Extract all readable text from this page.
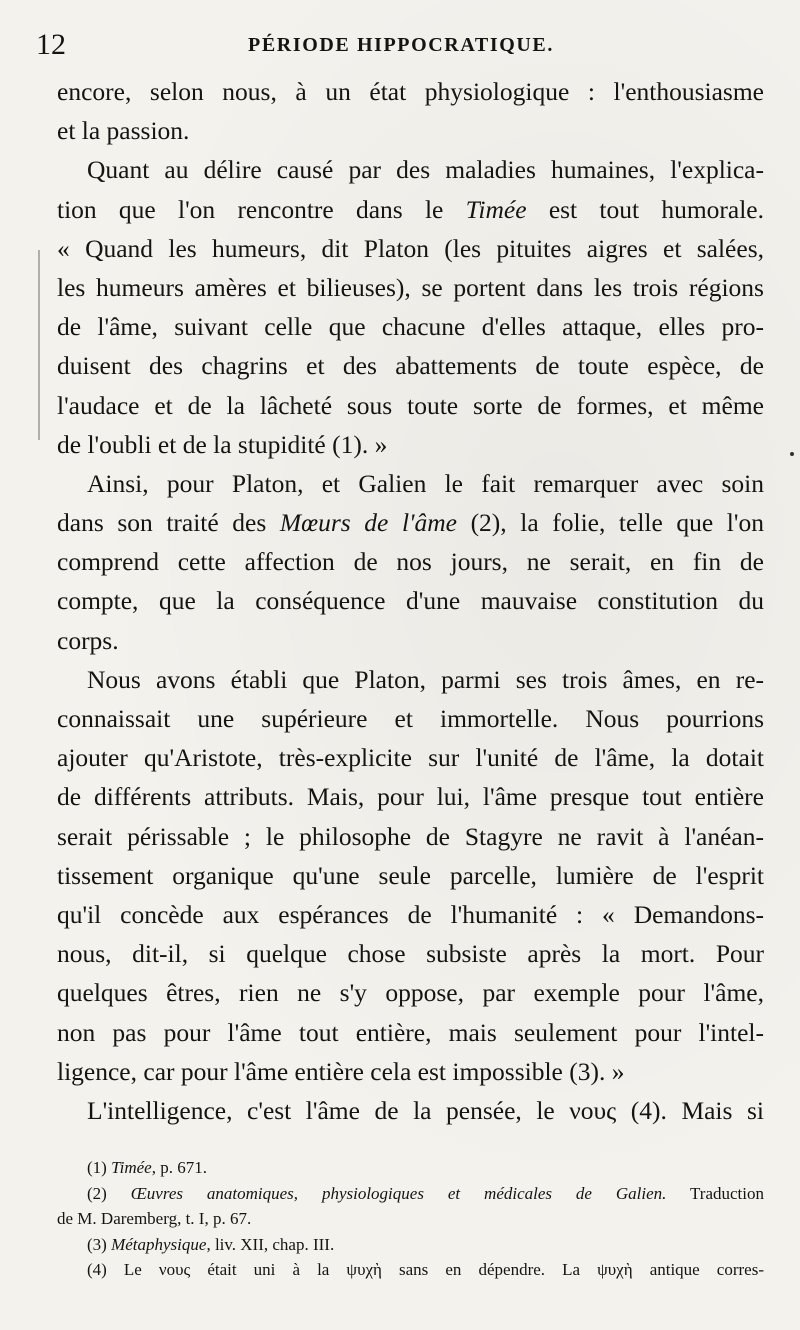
12	PÉRIODE HIPPOCRATIQUE.
encore, selon nous, à un état physiologique : l'enthousiasme
et la passion.
Quant au délire causé par des maladies humaines, l'explica-
tion que l'on rencontre dans le Timée est tout humorale.
« Quand les humeurs, dit Platon (les pituites aigres et salées,
les humeurs amères et bilieuses), se portent dans les trois régions
de l'âme, suivant celle que chacune d'elles attaque, elles pro-
duisent des chagrins et des abattements de toute espèce, de
l'audace et de la lâcheté sous toute sorte de formes, et même
de l'oubli et de la stupidité (1). »
Ainsi, pour Platon, et Galien le fait remarquer avec soin
dans son traité des Mœurs de l'âme (2), la folie, telle que l'on
comprend cette affection de nos jours, ne serait, en fin de
compte, que la conséquence d'une mauvaise constitution du
corps.
Nous avons établi que Platon, parmi ses trois âmes, en re-
connaissait une supérieure et immortelle. Nous pourrions
ajouter qu'Aristote, très-explicite sur l'unité de l'âme, la dotait
de différents attributs. Mais, pour lui, l'âme presque tout entière
serait périssable ; le philosophe de Stagyre ne ravit à l'anéan-
tissement organique qu'une seule parcelle, lumière de l'esprit
qu'il concède aux espérances de l'humanité : « Demandons-
nous, dit-il, si quelque chose subsiste après la mort. Pour
quelques êtres, rien ne s'y oppose, par exemple pour l'âme,
non pas pour l'âme tout entière, mais seulement pour l'intel-
ligence, car pour l'âme entière cela est impossible (3). »
L'intelligence, c'est l'âme de la pensée, le νους (4). Mais si
(1) Timée, p. 671.
(2) Œuvres anatomiques, physiologiques et médicales de Galien. Traduction
de M. Daremberg, t. I, p. 67.
(3) Métaphysique, liv. XII, chap. III.
(4) Le νους était uni à la ψυχὴ sans en dépendre. La ψυχὴ antique corres-
